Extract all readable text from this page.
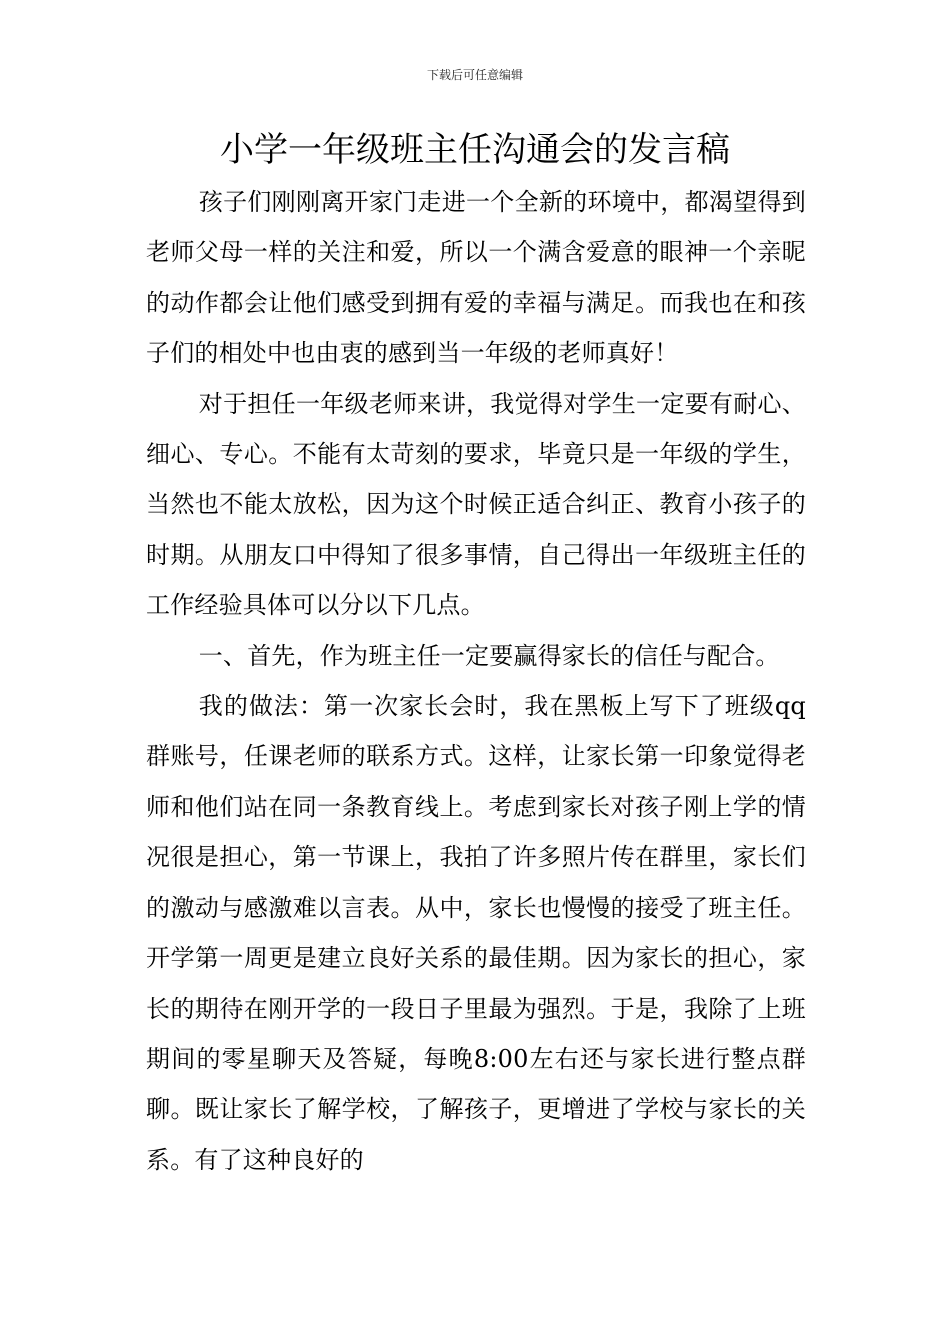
下载后可任意编辑
小学一年级班主任沟通会的发言稿

孩子们刚刚离开家门走进一个全新的环境中，都渴望得到老师父母一样的关注和爱，所以一个满含爱意的眼神一个亲昵的动作都会让他们感受到拥有爱的幸福与满足。而我也在和孩子们的相处中也由衷的感到当一年级的老师真好！

对于担任一年级老师来讲，我觉得对学生一定要有耐心、细心、专心。不能有太苛刻的要求，毕竟只是一年级的学生，当然也不能太放松，因为这个时候正适合纠正、教育小孩子的时期。从朋友口中得知了很多事情，自己得出一年级班主任的工作经验具体可以分以下几点。

一、首先，作为班主任一定要赢得家长的信任与配合。

我的做法：第一次家长会时，我在黑板上写下了班级qq群账号，任课老师的联系方式。这样，让家长第一印象觉得老师和他们站在同一条教育线上。考虑到家长对孩子刚上学的情况很是担心，第一节课上，我拍了许多照片传在群里，家长们的激动与感激难以言表。从中，家长也慢慢的接受了班主任。开学第一周更是建立良好关系的最佳期。因为家长的担心，家长的期待在刚开学的一段日子里最为强烈。于是，我除了上班期间的零星聊天及答疑，每晚8:00左右还与家长进行整点群聊。既让家长了解学校，了解孩子，更增进了学校与家长的关系。有了这种良好的
